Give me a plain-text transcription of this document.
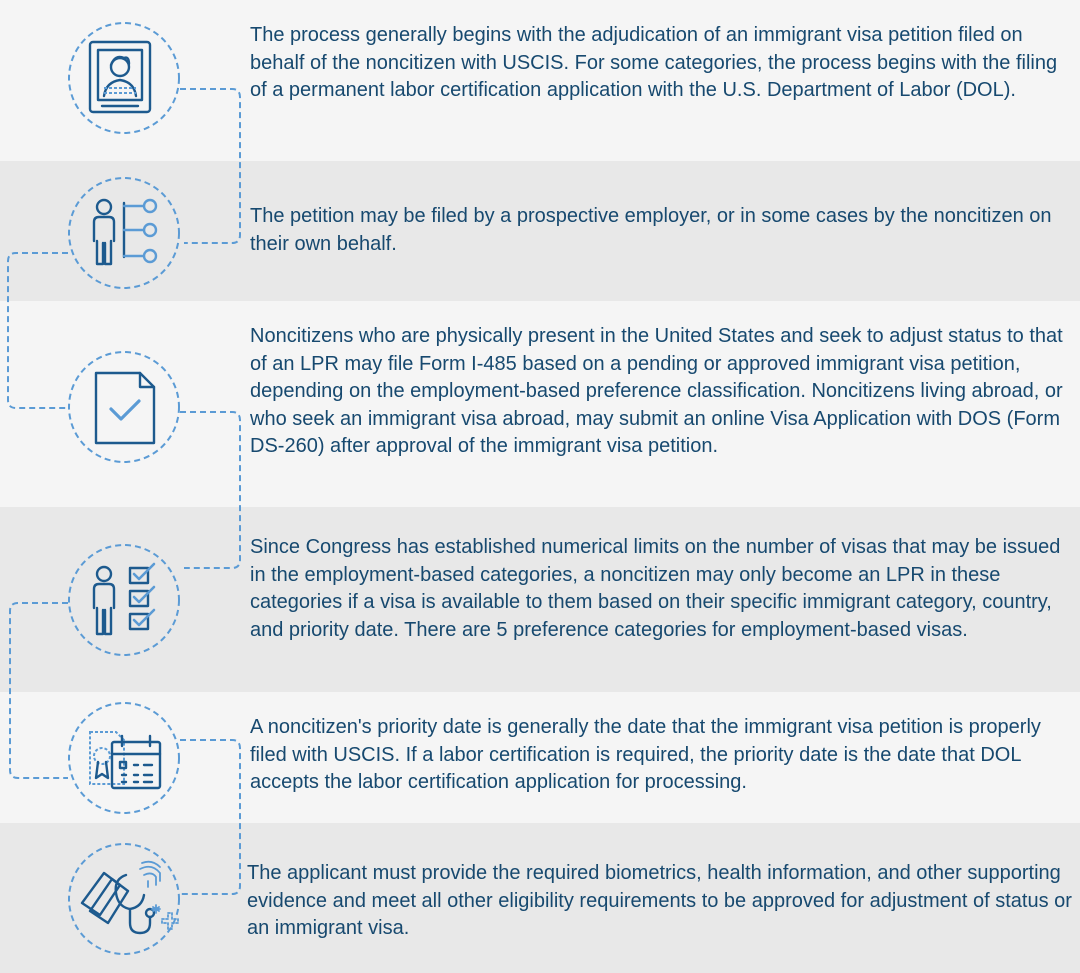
The process generally begins with the adjudication of an immigrant visa petition filed on behalf of the noncitizen with USCIS. For some categories, the process begins with the filing of a permanent labor certification application with the U.S. Department of Labor (DOL).

The petition may be filed by a prospective employer, or in some cases by the noncitizen on their own behalf.

Noncitizens who are physically present in the United States and seek to adjust status to that of an LPR may file Form I-485 based on a pending or approved immigrant visa petition, depending on the employment-based preference classification. Noncitizens living abroad, or who seek an immigrant visa abroad, may submit an online Visa Application with DOS (Form DS-260) after approval of the immigrant visa petition.

Since Congress has established numerical limits on the number of visas that may be issued in the employment-based categories, a noncitizen may only become an LPR in these categories if a visa is available to them based on their specific immigrant category, country, and priority date. There are 5 preference categories for employment-based visas.

A noncitizen's priority date is generally the date that the immigrant visa petition is properly filed with USCIS. If a labor certification is required, the priority date is the date that DOL accepts the labor certification application for processing.

The applicant must provide the required biometrics, health information, and other supporting evidence and meet all other eligibility requirements to be approved for adjustment of status or an immigrant visa.
